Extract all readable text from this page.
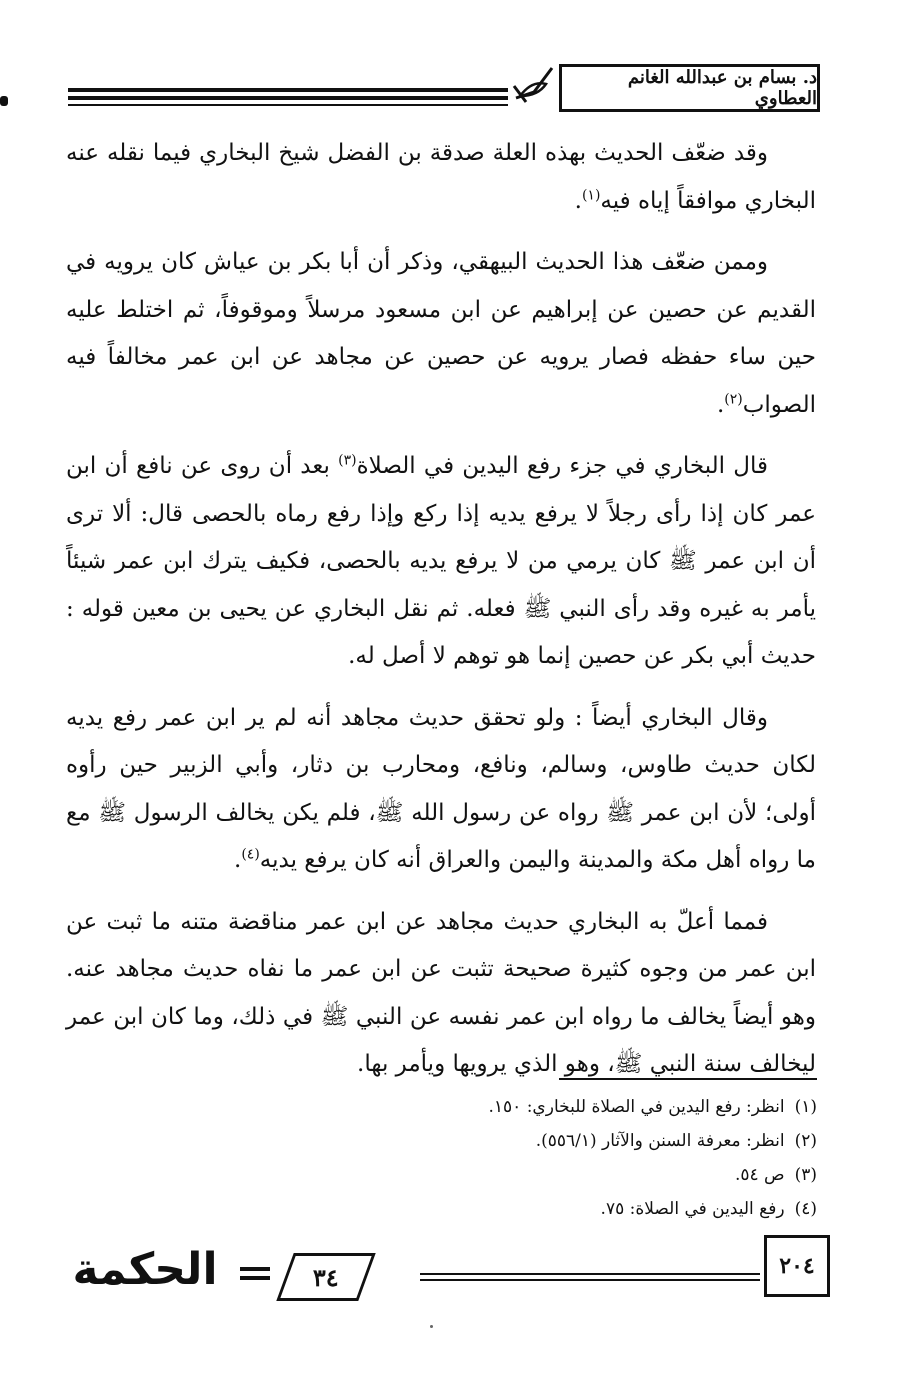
د. بسام بن عبدالله الغانم العطاوي

وقد ضعّف الحديث بهذه العلة صدقة بن الفضل شيخ البخاري فيما نقله عنه البخاري موافقاً إياه فيه$^{(١)}$.

وممن ضعّف هذا الحديث البيهقي، وذكر أن أبا بكر بن عياش كان يرويه في القديم عن حصين عن إبراهيم عن ابن مسعود مرسلاً وموقوفاً، ثم اختلط عليه حين ساء حفظه فصار يرويه عن حصين عن مجاهد عن ابن عمر مخالفاً فيه الصواب$^{(٢)}$.

قال البخاري في جزء رفع اليدين في الصلاة$^{(٣)}$ بعد أن روى عن نافع أن ابن عمر كان إذا رأى رجلاً لا يرفع يديه إذا ركع وإذا رفع رماه بالحصى قال: ألا ترى أن ابن عمر ﷺ كان يرمي من لا يرفع يديه بالحصى، فكيف يترك ابن عمر شيئاً يأمر به غيره وقد رأى النبي ﷺ فعله. ثم نقل البخاري عن يحيى بن معين قوله : حديث أبي بكر عن حصين إنما هو توهم لا أصل له.

وقال البخاري أيضاً : ولو تحقق حديث مجاهد أنه لم ير ابن عمر رفع يديه لكان حديث طاوس، وسالم، ونافع، ومحارب بن دثار، وأبي الزبير حين رأوه أولى؛ لأن ابن عمر ﷺ رواه عن رسول الله ﷺ، فلم يكن يخالف الرسول ﷺ مع ما رواه أهل مكة والمدينة واليمن والعراق أنه كان يرفع يديه$^{(٤)}$.

فمما أعلّ به البخاري حديث مجاهد عن ابن عمر مناقضة متنه ما ثبت عن ابن عمر من وجوه كثيرة صحيحة تثبت عن ابن عمر ما نفاه حديث مجاهد عنه. وهو أيضاً يخالف ما رواه ابن عمر نفسه عن النبي ﷺ في ذلك، وما كان ابن عمر ليخالف سنة النبي ﷺ، وهو الذي يرويها ويأمر بها.

(١)
انظر: رفع اليدين في الصلاة للبخاري: ١٥٠.
(٢)
انظر: معرفة السنن والآثار (٥٥٦/١).
(٣)
ص ٥٤.
(٤)
رفع اليدين في الصلاة: ٧٥.
٢٠٤
٣٤
الحكمة
